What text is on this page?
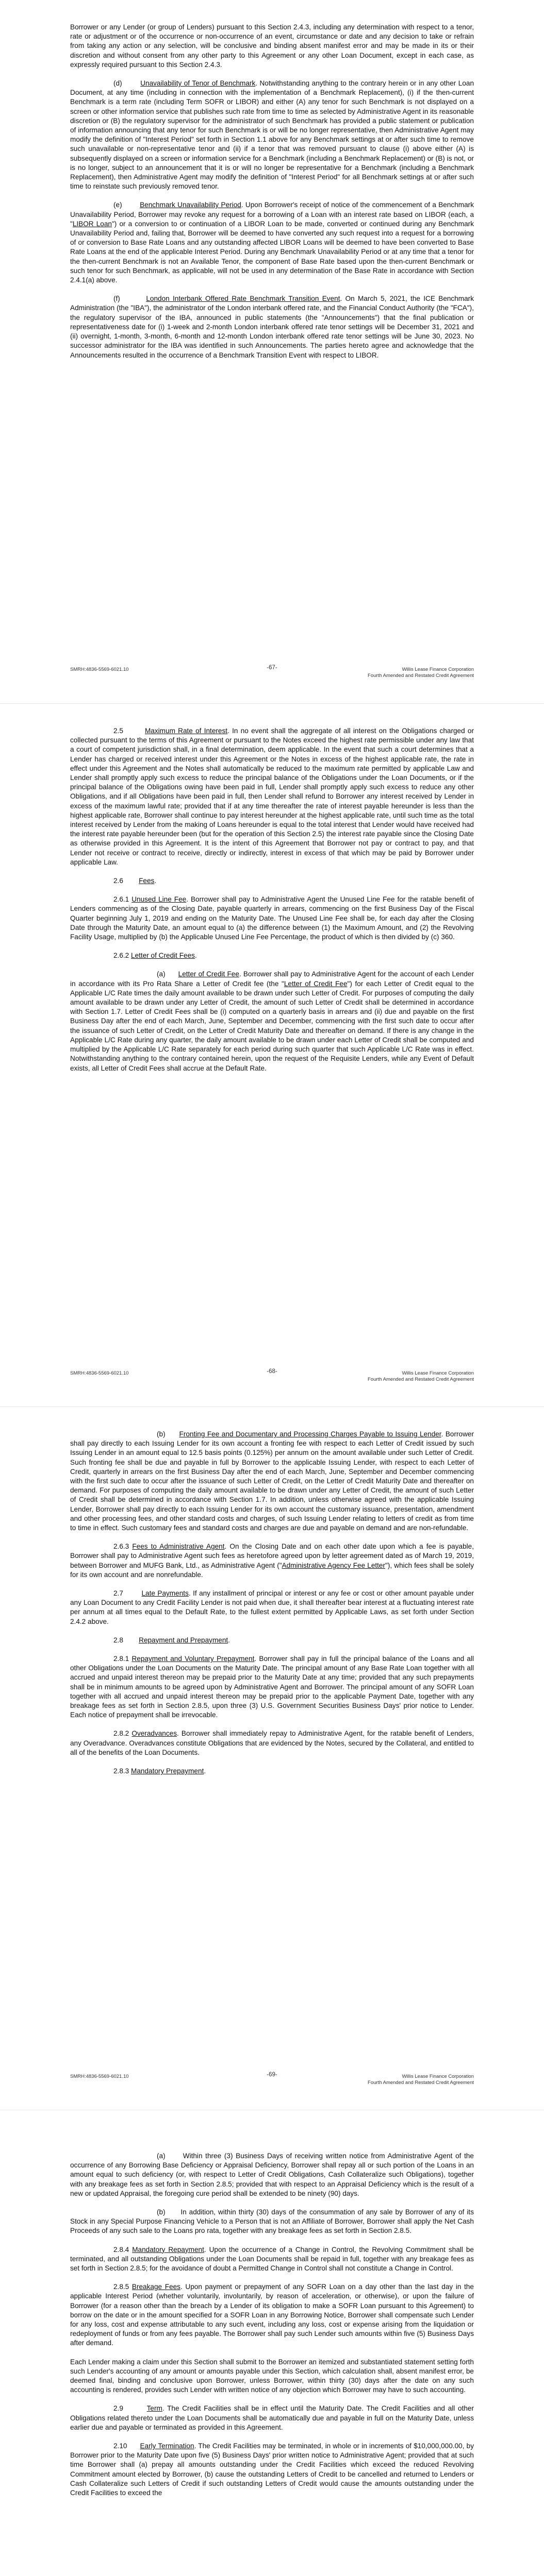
Borrower or any Lender (or group of Lenders) pursuant to this Section 2.4.3, including any determination with respect to a tenor, rate or adjustment or of the occurrence or non-occurrence of an event, circumstance or date and any decision to take or refrain from taking any action or any selection, will be conclusive and binding absent manifest error and may be made in its or their discretion and without consent from any other party to this Agreement or any other Loan Document, except in each case, as expressly required pursuant to this Section 2.4.3.

(d)	Unavailability of Tenor of Benchmark. Notwithstanding anything to the contrary herein or in any other Loan Document, at any time (including in connection with the implementation of a Benchmark Replacement), (i) if the then-current Benchmark is a term rate (including Term SOFR or LIBOR) and either (A) any tenor for such Benchmark is not displayed on a screen or other information service that publishes such rate from time to time as selected by Administrative Agent in its reasonable discretion or (B) the regulatory supervisor for the administrator of such Benchmark has provided a public statement or publication of information announcing that any tenor for such Benchmark is or will be no longer representative, then Administrative Agent may modify the definition of "Interest Period" set forth in Section 1.1 above for any Benchmark settings at or after such time to remove such unavailable or non-representative tenor and (ii) if a tenor that was removed pursuant to clause (i) above either (A) is subsequently displayed on a screen or information service for a Benchmark (including a Benchmark Replacement) or (B) is not, or is no longer, subject to an announcement that it is or will no longer be representative for a Benchmark (including a Benchmark Replacement), then Administrative Agent may modify the definition of "Interest Period" for all Benchmark settings at or after such time to reinstate such previously removed tenor.

(e)	Benchmark Unavailability Period. Upon Borrower's receipt of notice of the commencement of a Benchmark Unavailability Period, Borrower may revoke any request for a borrowing of a Loan with an interest rate based on LIBOR (each, a "LIBOR Loan") or a conversion to or continuation of a LIBOR Loan to be made, converted or continued during any Benchmark Unavailability Period and, failing that, Borrower will be deemed to have converted any such request into a request for a borrowing of or conversion to Base Rate Loans and any outstanding affected LIBOR Loans will be deemed to have been converted to Base Rate Loans at the end of the applicable Interest Period. During any Benchmark Unavailability Period or at any time that a tenor for the then-current Benchmark is not an Available Tenor, the component of Base Rate based upon the then-current Benchmark or such tenor for such Benchmark, as applicable, will not be used in any determination of the Base Rate in accordance with Section 2.4.1(a) above.

(f)	London Interbank Offered Rate Benchmark Transition Event. On March 5, 2021, the ICE Benchmark Administration (the "IBA"), the administrator of the London interbank offered rate, and the Financial Conduct Authority (the "FCA"), the regulatory supervisor of the IBA, announced in public statements (the "Announcements") that the final publication or representativeness date for (i) 1-week and 2-month London interbank offered rate tenor settings will be December 31, 2021 and (ii) overnight, 1-month, 3-month, 6-month and 12-month London interbank offered rate tenor settings will be June 30, 2023. No successor administrator for the IBA was identified in such Announcements. The parties hereto agree and acknowledge that the Announcements resulted in the occurrence of a Benchmark Transition Event with respect to LIBOR.

SMRH:4836-5569-6021.10	-67-	Willis Lease Finance Corporation
Fourth Amended and Restated Credit Agreement

2.5	Maximum Rate of Interest. In no event shall the aggregate of all interest on the Obligations charged or collected pursuant to the terms of this Agreement or pursuant to the Notes exceed the highest rate permissible under any law that a court of competent jurisdiction shall, in a final determination, deem applicable. In the event that such a court determines that a Lender has charged or received interest under this Agreement or the Notes in excess of the highest applicable rate, the rate in effect under this Agreement and the Notes shall automatically be reduced to the maximum rate permitted by applicable Law and Lender shall promptly apply such excess to reduce the principal balance of the Obligations under the Loan Documents, or if the principal balance of the Obligations owing have been paid in full, Lender shall promptly apply such excess to reduce any other Obligations, and if all Obligations have been paid in full, then Lender shall refund to Borrower any interest received by Lender in excess of the maximum lawful rate; provided that if at any time thereafter the rate of interest payable hereunder is less than the highest applicable rate, Borrower shall continue to pay interest hereunder at the highest applicable rate, until such time as the total interest received by Lender from the making of Loans hereunder is equal to the total interest that Lender would have received had the interest rate payable hereunder been (but for the operation of this Section 2.5) the interest rate payable since the Closing Date as otherwise provided in this Agreement. It is the intent of this Agreement that Borrower not pay or contract to pay, and that Lender not receive or contract to receive, directly or indirectly, interest in excess of that which may be paid by Borrower under applicable Law.

2.6 Fees.

2.6.1 Unused Line Fee. Borrower shall pay to Administrative Agent the Unused Line Fee for the ratable benefit of Lenders commencing as of the Closing Date, payable quarterly in arrears, commencing on the first Business Day of the Fiscal Quarter beginning July 1, 2019 and ending on the Maturity Date. The Unused Line Fee shall be, for each day after the Closing Date through the Maturity Date, an amount equal to (a) the difference between (1) the Maximum Amount, and (2) the Revolving Facility Usage, multiplied by (b) the Applicable Unused Line Fee Percentage, the product of which is then divided by (c) 360.

2.6.2 Letter of Credit Fees.

(a) Letter of Credit Fee. Borrower shall pay to Administrative Agent for the account of each Lender in accordance with its Pro Rata Share a Letter of Credit fee (the "Letter of Credit Fee") for each Letter of Credit equal to the Applicable L/C Rate times the daily amount available to be drawn under such Letter of Credit. For purposes of computing the daily amount available to be drawn under any Letter of Credit, the amount of such Letter of Credit shall be determined in accordance with Section 1.7. Letter of Credit Fees shall be (i) computed on a quarterly basis in arrears and (ii) due and payable on the first Business Day after the end of each March, June, September and December, commencing with the first such date to occur after the issuance of such Letter of Credit, on the Letter of Credit Maturity Date and thereafter on demand. If there is any change in the Applicable L/C Rate during any quarter, the daily amount available to be drawn under each Letter of Credit shall be computed and multiplied by the Applicable L/C Rate separately for each period during such quarter that such Applicable L/C Rate was in effect. Notwithstanding anything to the contrary contained herein, upon the request of the Requisite Lenders, while any Event of Default exists, all Letter of Credit Fees shall accrue at the Default Rate.

SMRH:4836-5569-6021.10	-68-	Willis Lease Finance Corporation
Fourth Amended and Restated Credit Agreement

(b) Fronting Fee and Documentary and Processing Charges Payable to Issuing Lender. Borrower shall pay directly to each Issuing Lender for its own account a fronting fee with respect to each Letter of Credit issued by such Issuing Lender in an amount equal to 12.5 basis points (0.125%) per annum on the amount available under such Letter of Credit. Such fronting fee shall be due and payable in full by Borrower to the applicable Issuing Lender, with respect to each Letter of Credit, quarterly in arrears on the first Business Day after the end of each March, June, September and December commencing with the first such date to occur after the issuance of such Letter of Credit, on the Letter of Credit Maturity Date and thereafter on demand. For purposes of computing the daily amount available to be drawn under any Letter of Credit, the amount of such Letter of Credit shall be determined in accordance with Section 1.7. In addition, unless otherwise agreed with the applicable Issuing Lender, Borrower shall pay directly to each Issuing Lender for its own account the customary issuance, presentation, amendment and other processing fees, and other standard costs and charges, of such Issuing Lender relating to letters of credit as from time to time in effect. Such customary fees and standard costs and charges are due and payable on demand and are non-refundable.

2.6.3 Fees to Administrative Agent. On the Closing Date and on each other date upon which a fee is payable, Borrower shall pay to Administrative Agent such fees as heretofore agreed upon by letter agreement dated as of March 19, 2019, between Borrower and MUFG Bank, Ltd., as Administrative Agent ("Administrative Agency Fee Letter"), which fees shall be solely for its own account and are nonrefundable.

2.7	Late Payments. If any installment of principal or interest or any fee or cost or other amount payable under any Loan Document to any Credit Facility Lender is not paid when due, it shall thereafter bear interest at a fluctuating interest rate per annum at all times equal to the Default Rate, to the fullest extent permitted by Applicable Laws, as set forth under Section 2.4.2 above.

2.8 Repayment and Prepayment.

2.8.1 Repayment and Voluntary Prepayment. Borrower shall pay in full the principal balance of the Loans and all other Obligations under the Loan Documents on the Maturity Date. The principal amount of any Base Rate Loan together with all accrued and unpaid interest thereon may be prepaid prior to the Maturity Date at any time; provided that any such prepayments shall be in minimum amounts to be agreed upon by Administrative Agent and Borrower. The principal amount of any SOFR Loan together with all accrued and unpaid interest thereon may be prepaid prior to the applicable Payment Date, together with any breakage fees as set forth in Section 2.8.5, upon three (3) U.S. Government Securities Business Days' prior notice to Lender. Each notice of prepayment shall be irrevocable.

2.8.2 Overadvances. Borrower shall immediately repay to Administrative Agent, for the ratable benefit of Lenders, any Overadvance. Overadvances constitute Obligations that are evidenced by the Notes, secured by the Collateral, and entitled to all of the benefits of the Loan Documents.

2.8.3 Mandatory Prepayment.

SMRH:4836-5569-6021.10	-69-	Willis Lease Finance Corporation
Fourth Amended and Restated Credit Agreement

(a)	Within three (3) Business Days of receiving written notice from Administrative Agent of the occurrence of any Borrowing Base Deficiency or Appraisal Deficiency, Borrower shall repay all or such portion of the Loans in an amount equal to such deficiency (or, with respect to Letter of Credit Obligations, Cash Collateralize such Obligations), together with any breakage fees as set forth in Section 2.8.5; provided that with respect to an Appraisal Deficiency which is the result of a new or updated Appraisal, the foregoing cure period shall be extended to be ninety (90) days.

(b) In addition, within thirty (30) days of the consummation of any sale by Borrower of any of its Stock in any Special Purpose Financing Vehicle to a Person that is not an Affiliate of Borrower, Borrower shall apply the Net Cash Proceeds of any such sale to the Loans pro rata, together with any breakage fees as set forth in Section 2.8.5.

2.8.4 Mandatory Repayment. Upon the occurrence of a Change in Control, the Revolving Commitment shall be terminated, and all outstanding Obligations under the Loan Documents shall be repaid in full, together with any breakage fees as set forth in Section 2.8.5; for the avoidance of doubt a Permitted Change in Control shall not constitute a Change in Control.

2.8.5 Breakage Fees. Upon payment or prepayment of any SOFR Loan on a day other than the last day in the applicable Interest Period (whether voluntarily, involuntarily, by reason of acceleration, or otherwise), or upon the failure of Borrower (for a reason other than the breach by a Lender of its obligation to make a SOFR Loan pursuant to this Agreement) to borrow on the date or in the amount specified for a SOFR Loan in any Borrowing Notice, Borrower shall compensate such Lender for any loss, cost and expense attributable to any such event, including any loss, cost or expense arising from the liquidation or redeployment of funds or from any fees payable. The Borrower shall pay such Lender such amounts within five (5) Business Days after demand.

Each Lender making a claim under this Section shall submit to the Borrower an itemized and substantiated statement setting forth such Lender's accounting of any amount or amounts payable under this Section, which calculation shall, absent manifest error, be deemed final, binding and conclusive upon Borrower, unless Borrower, within thirty (30) days after the date on any such accounting is rendered, provides such Lender with written notice of any objection which Borrower may have to such accounting.

2.9	Term. The Credit Facilities shall be in effect until the Maturity Date. The Credit Facilities and all other Obligations related thereto under the Loan Documents shall be automatically due and payable in full on the Maturity Date, unless earlier due and payable or terminated as provided in this Agreement.

2.10 Early Termination. The Credit Facilities may be terminated, in whole or in increments of $10,000,000.00, by Borrower prior to the Maturity Date upon five (5) Business Days' prior written notice to Administrative Agent; provided that at such time Borrower shall (a) prepay all amounts outstanding under the Credit Facilities which exceed the reduced Revolving Commitment amount elected by Borrower, (b) cause the outstanding Letters of Credit to be cancelled and returned to Lenders or Cash Collateralize such Letters of Credit if such outstanding Letters of Credit would cause the amounts outstanding under the Credit Facilities to exceed the
